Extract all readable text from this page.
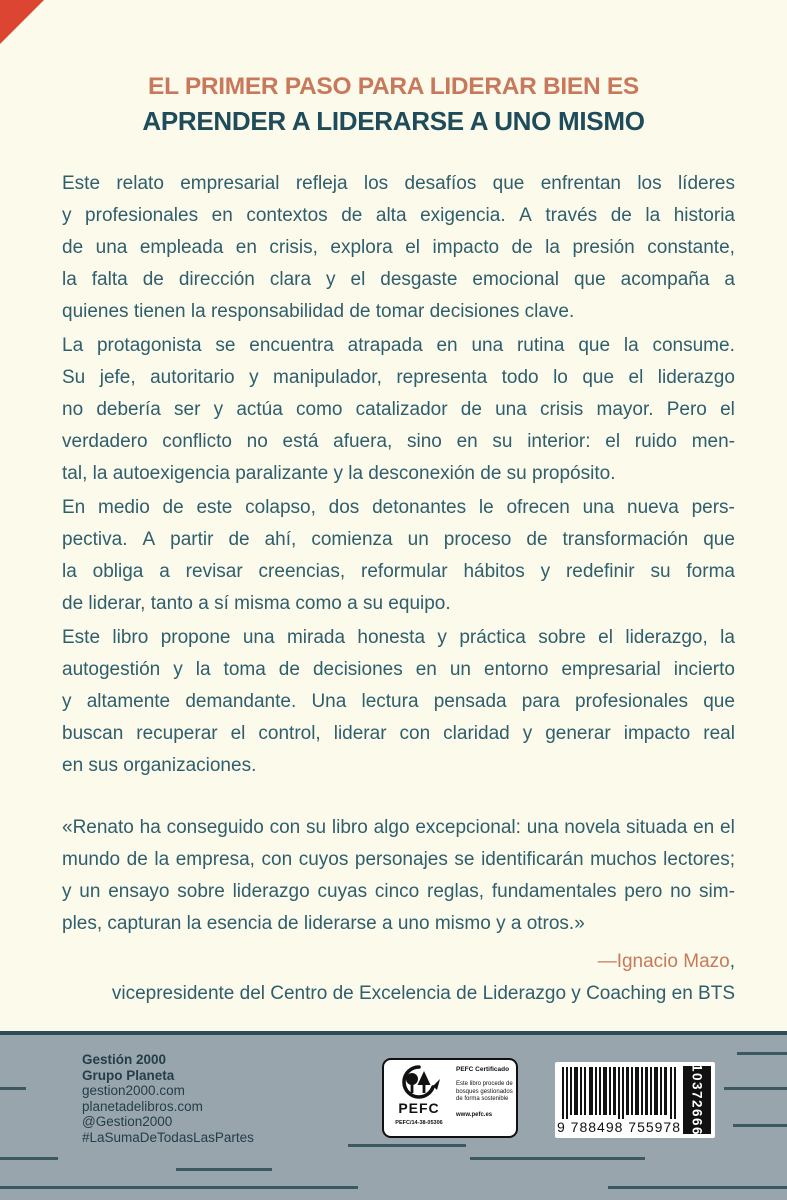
EL PRIMER PASO PARA LIDERAR BIEN ES
APRENDER A LIDERARSE A UNO MISMO
Este relato empresarial refleja los desafíos que enfrentan los líderes
y profesionales en contextos de alta exigencia. A través de la historia
de una empleada en crisis, explora el impacto de la presión constante,
la falta de dirección clara y el desgaste emocional que acompaña a
quienes tienen la responsabilidad de tomar decisiones clave.
La protagonista se encuentra atrapada en una rutina que la consume.
Su jefe, autoritario y manipulador, representa todo lo que el liderazgo
no debería ser y actúa como catalizador de una crisis mayor. Pero el
verdadero conflicto no está afuera, sino en su interior: el ruido men-
tal, la autoexigencia paralizante y la desconexión de su propósito.
En medio de este colapso, dos detonantes le ofrecen una nueva pers-
pectiva. A partir de ahí, comienza un proceso de transformación que
la obliga a revisar creencias, reformular hábitos y redefinir su forma
de liderar, tanto a sí misma como a su equipo.
Este libro propone una mirada honesta y práctica sobre el liderazgo, la
autogestión y la toma de decisiones en un entorno empresarial incierto
y altamente demandante. Una lectura pensada para profesionales que
buscan recuperar el control, liderar con claridad y generar impacto real
en sus organizaciones.
«Renato ha conseguido con su libro algo excepcional: una novela situada en el
mundo de la empresa, con cuyos personajes se identificarán muchos lectores;
y un ensayo sobre liderazgo cuyas cinco reglas, fundamentales pero no sim-
ples, capturan la esencia de liderarse a uno mismo y a otros.»
—Ignacio Mazo,
vicepresidente del Centro de Excelencia de Liderazgo y Coaching en BTS
Gestión 2000
Grupo Planeta
gestion2000.com
planetadelibros.com
@Gestion2000
#LaSumaDeTodasLasPartes
PEFC
PEFC/14-38-05306
PEFC Certificado
Este libro procede de
bosques gestionados
de forma sostenible
www.pefc.es
9 788498 755978 10372666
